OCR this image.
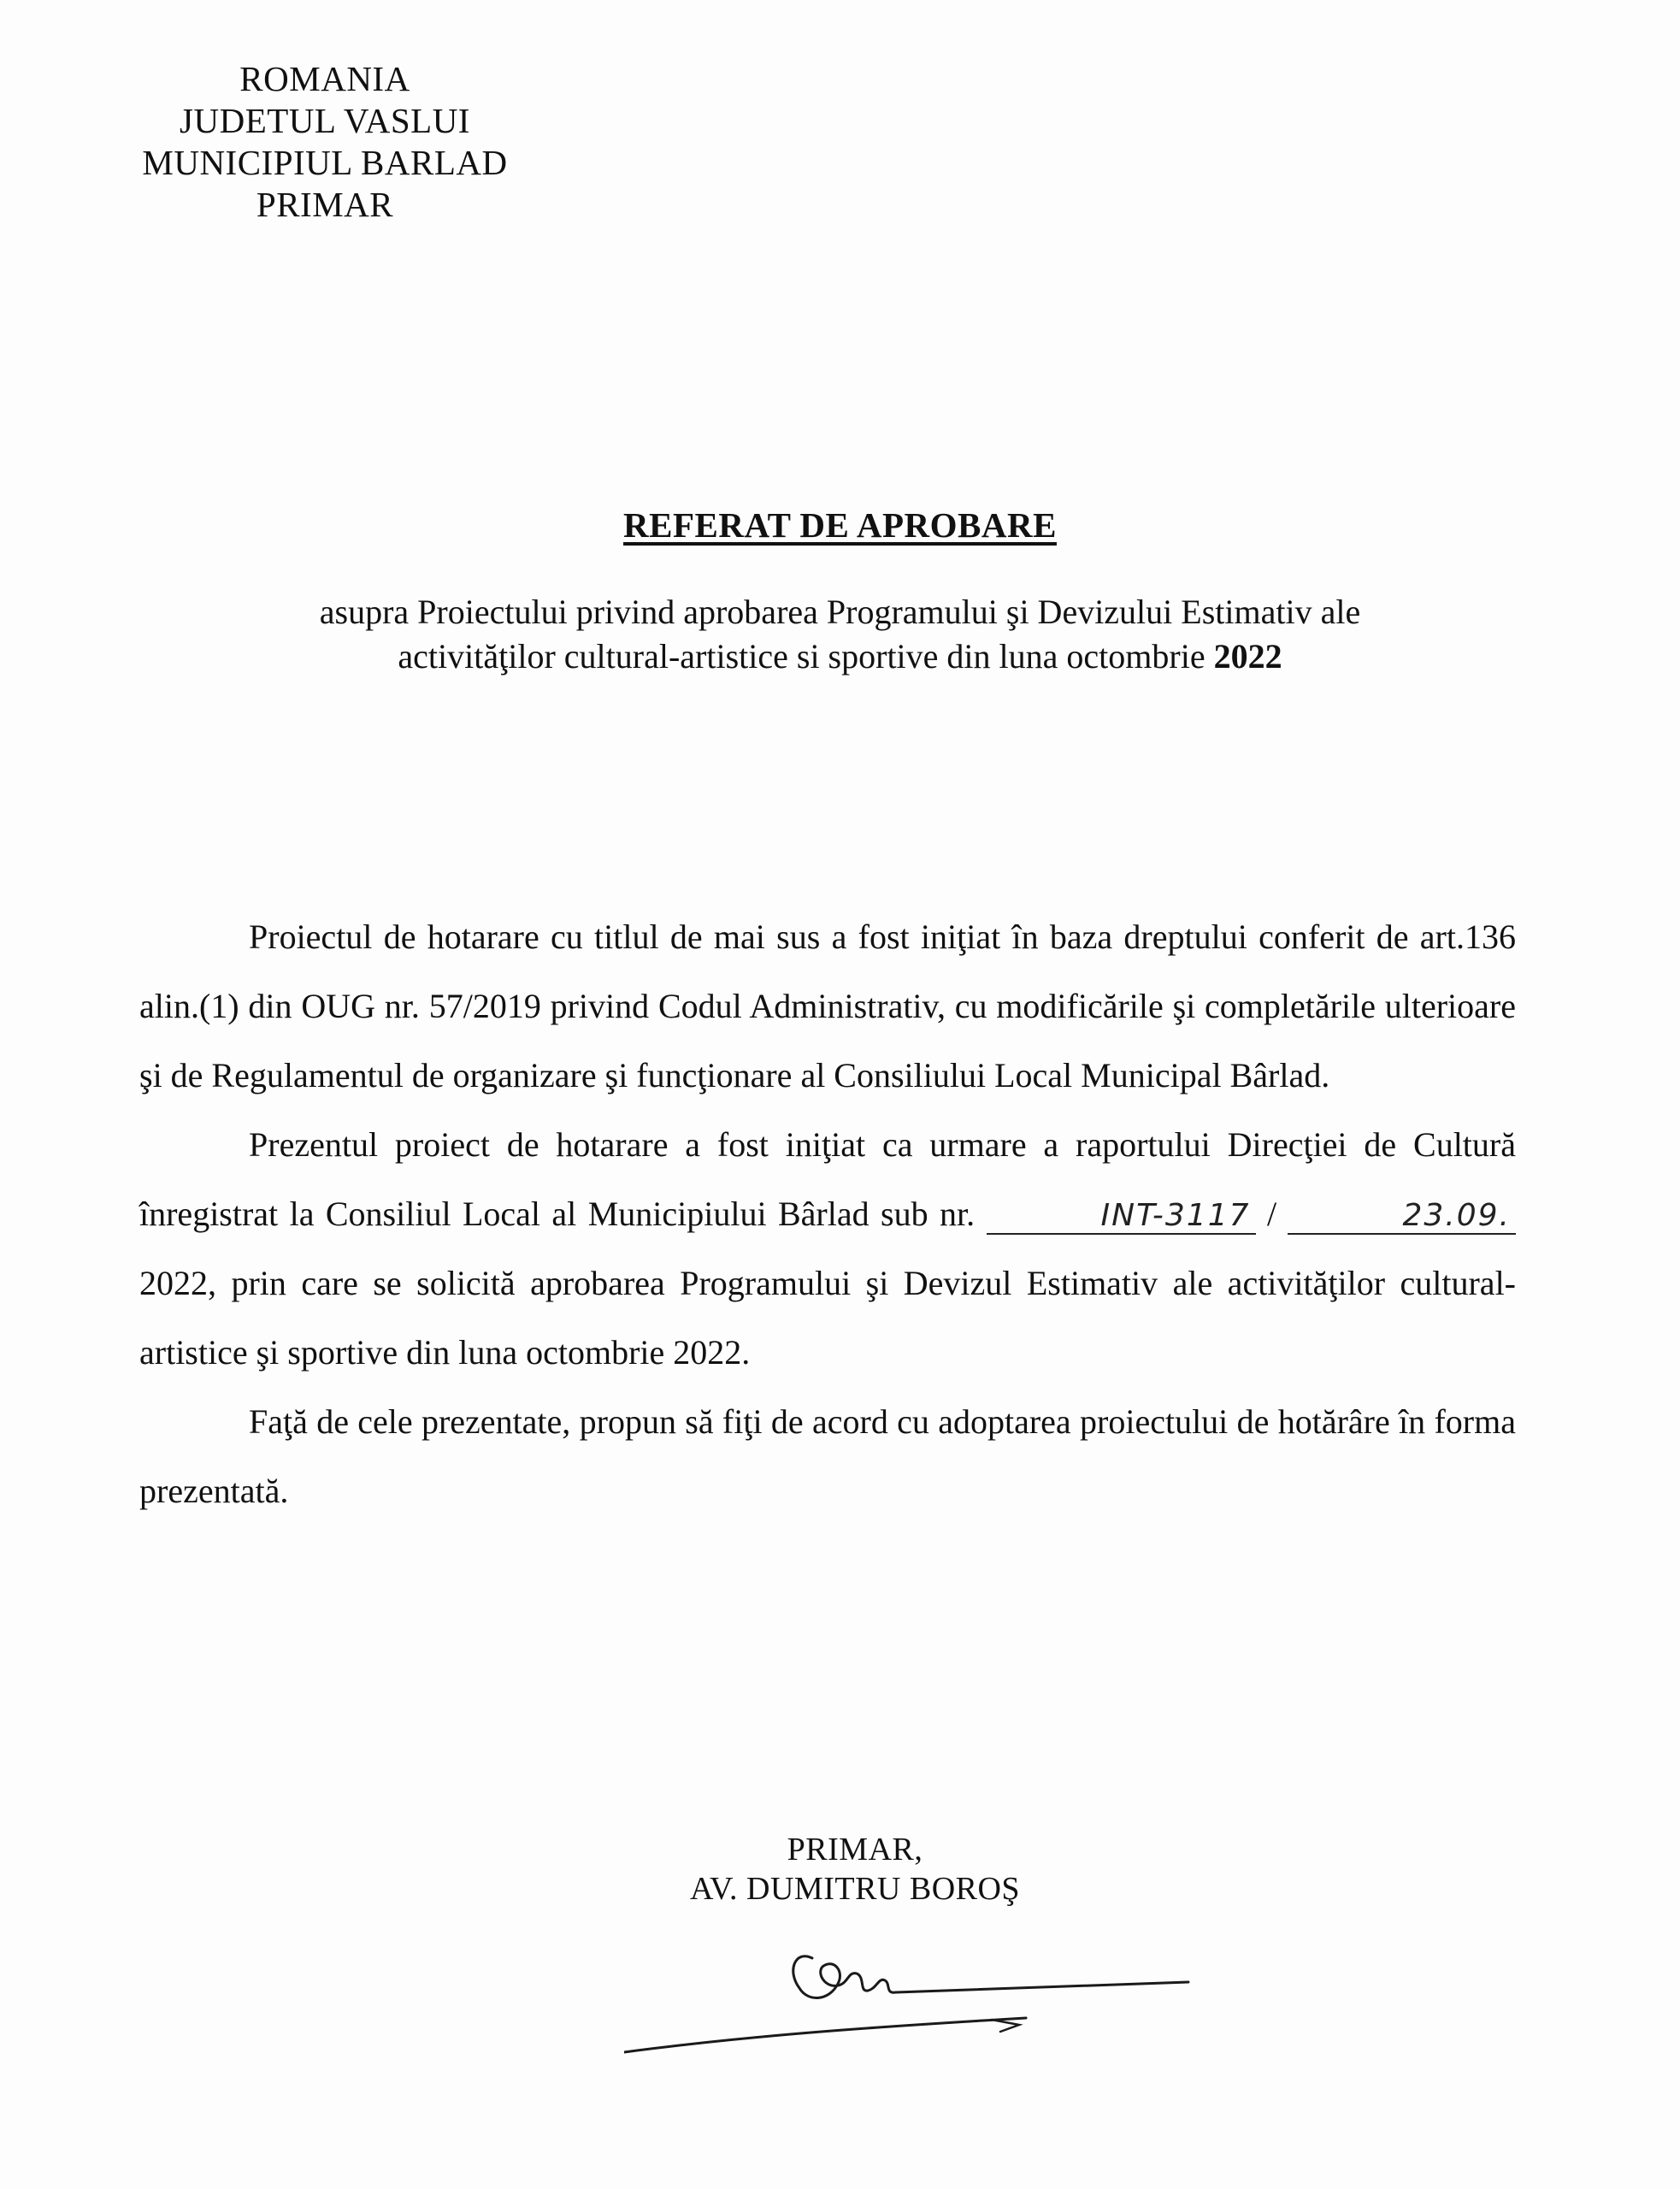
ROMANIA
JUDETUL VASLUI
MUNICIPIUL BARLAD
PRIMAR
REFERAT DE APROBARE
asupra Proiectului privind aprobarea Programului şi Devizului Estimativ ale
activităţilor cultural-artistice si sportive din luna octombrie 2022

Proiectul de hotarare cu titlul de mai sus a fost iniţiat în baza dreptului conferit de art.136 alin.(1) din OUG nr. 57/2019 privind Codul Administrativ, cu modificările şi completările ulterioare şi de Regulamentul de organizare şi funcţionare al Consiliului Local Municipal Bârlad.

Prezentul proiect de hotarare a fost iniţiat ca urmare a raportului Direcţiei de Cultură înregistrat la Consiliul Local al Municipiului Bârlad sub nr.	INT-3117 /	23.09.2022, prin care se solicită aprobarea Programului şi Devizul Estimativ ale activităţilor cultural-artistice şi sportive din luna octombrie 2022.

Faţă de cele prezentate, propun să fiţi de acord cu adoptarea proiectului de hotărâre în forma prezentată.

PRIMAR,
AV. DUMITRU BOROŞ
